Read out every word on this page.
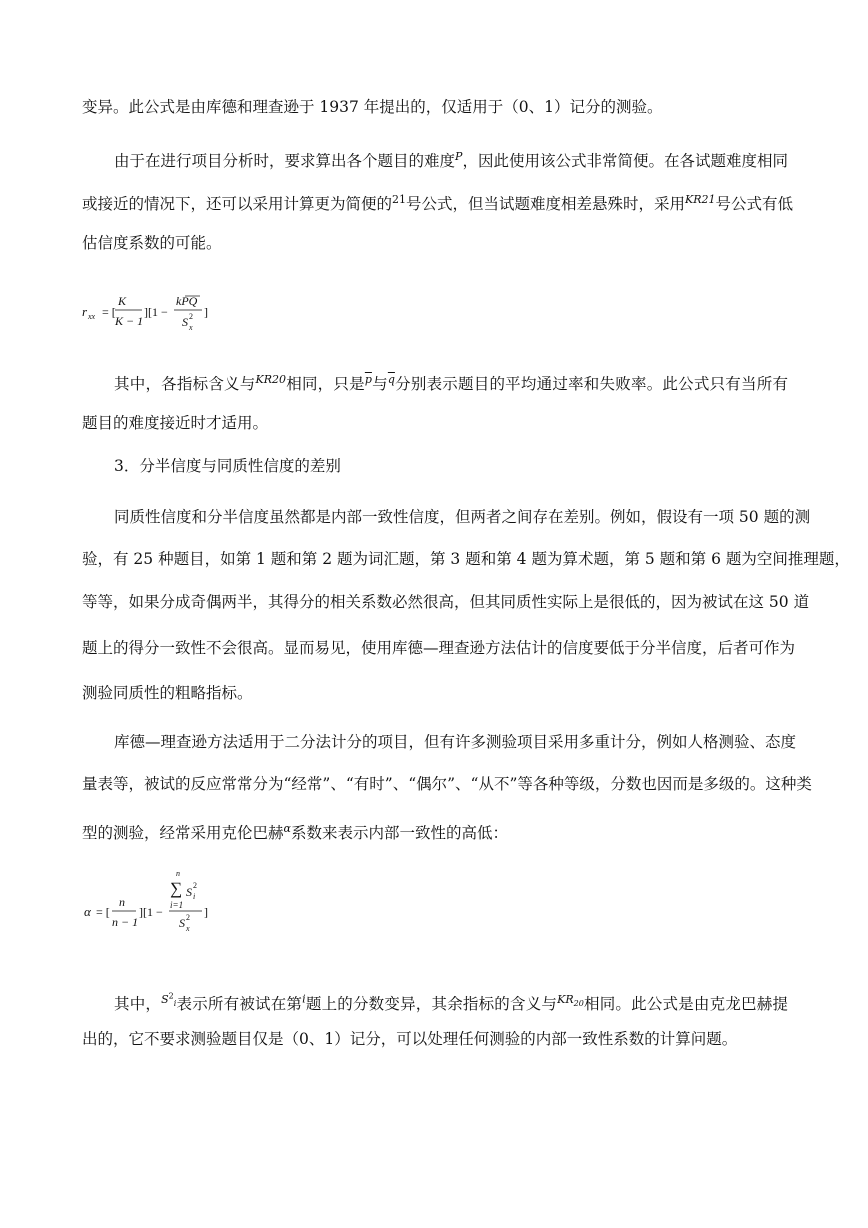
变异。此公式是由库德和理查逊于 1937 年提出的，仅适用于（0、1）记分的测验。
由于在进行项目分析时，要求算出各个题目的难度$^P$，因此使用该公式非常简便。在各试题难度相同
或接近的情况下，还可以采用计算更为简便的$^{21}$号公式，但当试题难度相差悬殊时，采用$^{KR21}$号公式有低
估信度系数的可能。
r xx = [
K
K − 1
][1 −
kPQ
S 2
x
]
其中，各指标含义与$^{KR20}$相同，只是$^{\overline{p}}$与$^{\overline{q}}$分别表示题目的平均通过率和失败率。此公式只有当所有
题目的难度接近时才适用。
3．分半信度与同质性信度的差别
同质性信度和分半信度虽然都是内部一致性信度，但两者之间存在差别。例如，假设有一项 50 题的测
验，有 25 种题目，如第 1 题和第 2 题为词汇题，第 3 题和第 4 题为算术题，第 5 题和第 6 题为空间推理题，
等等，如果分成奇偶两半，其得分的相关系数必然很高，但其同质性实际上是很低的，因为被试在这 50 道
题上的得分一致性不会很高。显而易见，使用库德—理查逊方法估计的信度要低于分半信度，后者可作为
测验同质性的粗略指标。
库德—理查逊方法适用于二分法计分的项目，但有许多测验项目采用多重计分，例如人格测验、态度
量表等，被试的反应常常分为“经常”、“有时”、“偶尔”、“从不”等各种等级，分数也因而是多级的。这种类
型的测验，经常采用克伦巴赫$^\alpha$系数来表示内部一致性的高低：
α = [
n
n − 1
][1 −
n
∑ S 2
i
i=1
S 2
x
]
其中，$^{S^2_i}$表示所有被试在第$^i$题上的分数变异，其余指标的含义与$^{KR_{20}}$相同。此公式是由克龙巴赫提
出的，它不要求测验题目仅是（0、1）记分，可以处理任何测验的内部一致性系数的计算问题。
